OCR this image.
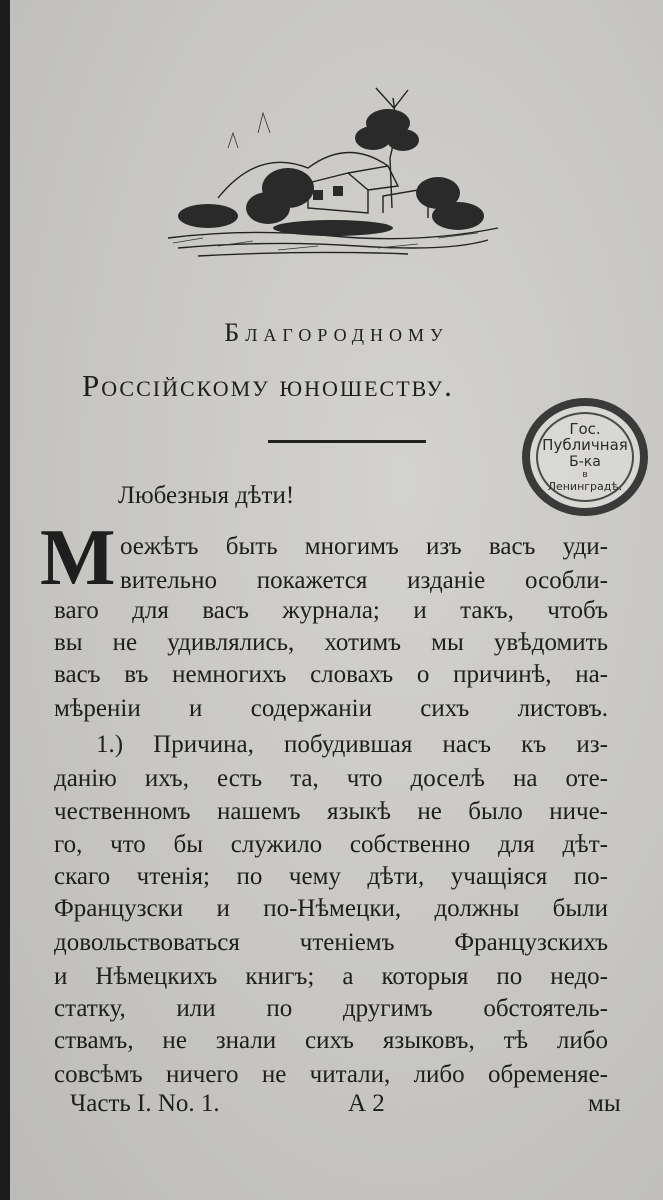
Благородному
Россійскому юношеству.
Гос.
Публичная
Б-ка
в
Ленинградѣ.
Любезныя дѣти!
М оежѣтъ быть многимъ изъ васъ уди-
вительно покажется изданіе особли-
ваго для васъ журнала; и такъ, чтобъ
вы не удивлялись, хотимъ мы увѣдомить
васъ въ немногихъ словахъ о причинѣ, на-
мѣреніи и содержаніи сихъ листовъ.
1.) Причина, побудившая насъ къ из-
данію ихъ, есть та, что доселѣ на оте-
чественномъ нашемъ языкѣ не было ниче-
го, что бы служило собственно для дѣт-
скаго чтенія; по чему дѣти, учащіяся по-
Французски и по-Нѣмецки, должны были
довольствоваться чтеніемъ Французскихъ
и Нѣмецкихъ книгъ; а которыя по недо-
статку, или по другимъ обстоятель-
ствамъ, не знали сихъ языковъ, тѣ либо
совсѣмъ ничего не читали, либо обременяе-
Часть I. No. 1.	А 2	мы
